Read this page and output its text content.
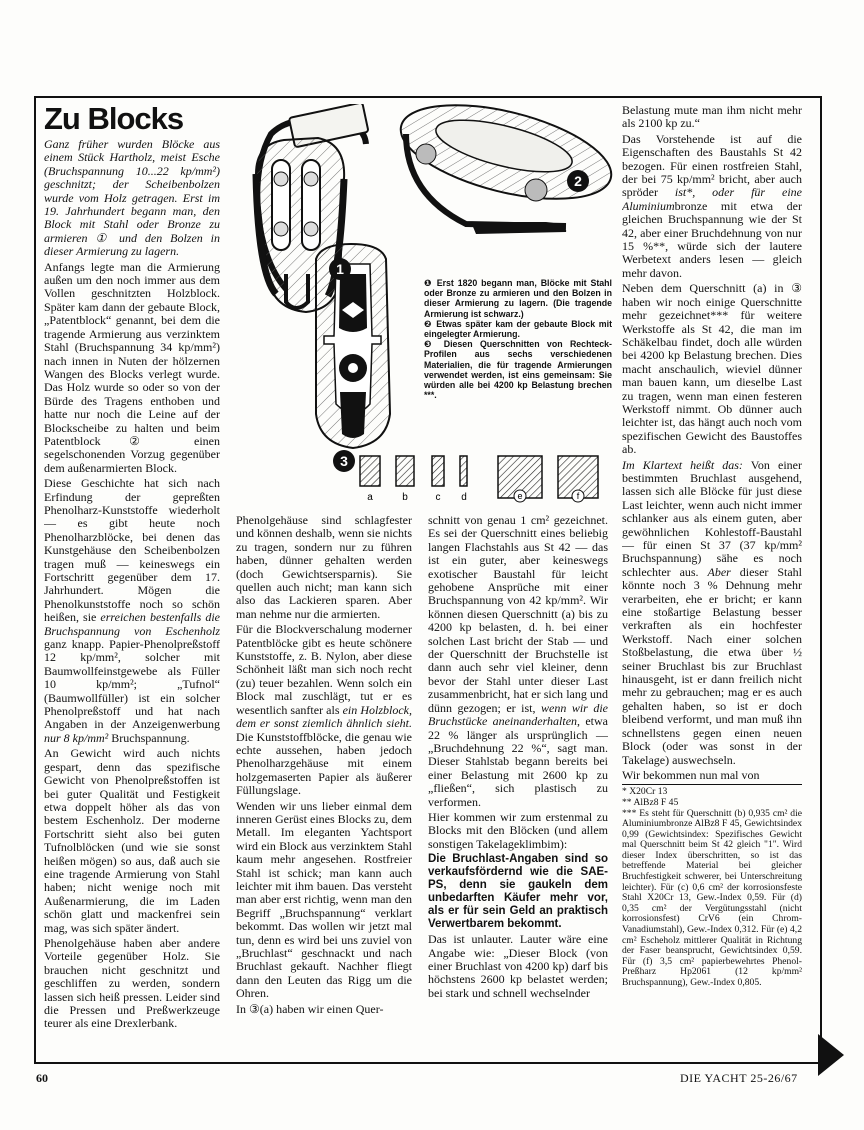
Zu Blocks

Ganz früher wurden Blöcke aus einem Stück Hartholz, meist Esche (Bruchspannung 10...22 kp/mm²) geschnitzt; der Scheibenbolzen wurde vom Holz getragen. Erst im 19. Jahrhundert begann man, den Block mit Stahl oder Bronze zu armieren ① und den Bolzen in dieser Armierung zu lagern.

Anfangs legte man die Armierung außen um den noch immer aus dem Vollen geschnitzten Holzblock. Später kam dann der gebaute Block, „Patentblock“ genannt, bei dem die tragende Armierung aus verzinktem Stahl (Bruchspannung 34 kp/mm²) nach innen in Nuten der hölzernen Wangen des Blocks verlegt wurde. Das Holz wurde so oder so von der Bürde des Tragens enthoben und hatte nur noch die Leine auf der Blockscheibe zu halten und beim Patentblock ② einen segelschonenden Vorzug gegenüber dem außenarmierten Block.

Diese Geschichte hat sich nach Erfindung der gepreßten Phenolharz-Kunststoffe wiederholt — es gibt heute noch Phenolharzblöcke, bei denen das Kunstgehäuse den Scheibenbolzen tragen muß — keineswegs ein Fortschritt gegenüber dem 17. Jahrhundert. Mögen die Phenolkunststoffe noch so schön heißen, sie erreichen bestenfalls die Bruchspannung von Eschenholz ganz knapp. Papier-Phenolpreßstoff 12 kp/mm², solcher mit Baumwollfeinstgewebe als Füller 10 kp/mm²; „Tufnol“ (Baumwollfüller) ist ein solcher Phenolpreßstoff und hat nach Angaben in der Anzeigenwerbung nur 8 kp/mm² Bruchspannung.

An Gewicht wird auch nichts gespart, denn das spezifische Gewicht von Phenolpreßstoffen ist bei guter Qualität und Festigkeit etwa doppelt höher als das von bestem Eschenholz. Der moderne Fortschritt sieht also bei guten Tufnolblöcken (und wie sie sonst heißen mögen) so aus, daß auch sie eine tragende Armierung von Stahl haben; nicht wenige noch mit Außenarmierung, die im Laden schön glatt und mackenfrei sein mag, was sich später ändert.

Phenolgehäuse haben aber andere Vorteile gegenüber Holz. Sie brauchen nicht geschnitzt und geschliffen zu werden, sondern lassen sich heiß pressen. Leider sind die Pressen und Preßwerkzeuge teurer als eine Drexlerbank.

a	b	c d	e	f
1
2
3

❶ Erst 1820 begann man, Blöcke mit Stahl oder Bronze zu armieren und den Bolzen in dieser Armierung zu lagern. (Die tragende Armierung ist schwarz.)

❷ Etwas später kam der gebaute Block mit eingelegter Armierung.

❸ Diesen Querschnitten von Rechteck-Profilen aus sechs verschiedenen Materialien, die für tragende Armierungen verwendet werden, ist eins gemeinsam: Sie würden alle bei 4200 kp Belastung brechen ***.

Phenolgehäuse sind schlagfester und können deshalb, wenn sie nichts zu tragen, sondern nur zu führen haben, dünner gehalten werden (doch Gewichtsersparnis). Sie quellen auch nicht; man kann sich also das Lackieren sparen. Aber man nehme nur die armierten.

Für die Blockverschalung moderner Patentblöcke gibt es heute schönere Kunststoffe, z. B. Nylon, aber diese Schönheit läßt man sich noch recht (zu) teuer bezahlen. Wenn solch ein Block mal zuschlägt, tut er es wesentlich sanfter als ein Holzblock, dem er sonst ziemlich ähnlich sieht. Die Kunststoffblöcke, die genau wie echte aussehen, haben jedoch Phenolharzgehäuse mit einem holzgemaserten Papier als äußerer Füllungslage.

Wenden wir uns lieber einmal dem inneren Gerüst eines Blocks zu, dem Metall. Im eleganten Yachtsport wird ein Block aus verzinktem Stahl kaum mehr angesehen. Rostfreier Stahl ist schick; man kann auch leichter mit ihm bauen. Das versteht man aber erst richtig, wenn man den Begriff „Bruchspannung“ verklart bekommt. Das wollen wir jetzt mal tun, denn es wird bei uns zuviel von „Bruchlast“ geschnackt und nach Bruchlast gekauft. Nachher fliegt dann den Leuten das Rigg um die Ohren.

In ③(a) haben wir einen Quer-

schnitt von genau 1 cm² gezeichnet. Es sei der Querschnitt eines beliebig langen Flachstahls aus St 42 — das ist ein guter, aber keineswegs exotischer Baustahl für leicht gehobene Ansprüche mit einer Bruchspannung von 42 kp/mm². Wir können diesen Querschnitt (a) bis zu 4200 kp belasten, d. h. bei einer solchen Last bricht der Stab — und der Querschnitt der Bruchstelle ist dann auch sehr viel kleiner, denn bevor der Stahl unter dieser Last zusammenbricht, hat er sich lang und dünn gezogen; er ist, wenn wir die Bruchstücke aneinanderhalten, etwa 22 % länger als ursprünglich — „Bruchdehnung 22 %“, sagt man. Dieser Stahlstab begann bereits bei einer Belastung mit 2600 kp zu „fließen“, sich plastisch zu verformen.

Hier kommen wir zum erstenmal zu Blocks mit den Blöcken (und allem sonstigen Takelageklimbim):

Die Bruchlast-Angaben sind so verkaufsfördernd wie die SAE-PS, denn sie gaukeln dem unbedarften Käufer mehr vor, als er für sein Geld an praktisch Verwertbarem bekommt.

Das ist unlauter. Lauter wäre eine Angabe wie: „Dieser Block (von einer Bruchlast von 4200 kp) darf bis höchstens 2600 kp belastet werden; bei stark und schnell wechselnder

Belastung mute man ihm nicht mehr als 2100 kp zu.“

Das Vorstehende ist auf die Eigenschaften des Baustahls St 42 bezogen. Für einen rostfreien Stahl, der bei 75 kp/mm² bricht, aber auch spröder ist*, oder für eine Aluminiumbronze mit etwa der gleichen Bruchspannung wie der St 42, aber einer Bruchdehnung von nur 15 %**, würde sich der lautere Werbetext anders lesen — gleich mehr davon.

Neben dem Querschnitt (a) in ③ haben wir noch einige Querschnitte mehr gezeichnet*** für weitere Werkstoffe als St 42, die man im Schäkelbau findet, doch alle würden bei 4200 kp Belastung brechen. Dies macht anschaulich, wieviel dünner man bauen kann, um dieselbe Last zu tragen, wenn man einen festeren Werkstoff nimmt. Ob dünner auch leichter ist, das hängt auch noch vom spezifischen Gewicht des Baustoffes ab.

Im Klartext heißt das: Von einer bestimmten Bruchlast ausgehend, lassen sich alle Blöcke für just diese Last leichter, wenn auch nicht immer schlanker aus als einem guten, aber gewöhnlichen Kohlestoff-Baustahl — für einen St 37 (37 kp/mm² Bruchspannung) sähe es noch schlechter aus. Aber dieser Stahl könnte noch 3 % Dehnung mehr verarbeiten, ehe er bricht; er kann eine stoßartige Belastung besser verkraften als ein hochfester Werkstoff. Nach einer solchen Stoßbelastung, die etwa über ½ seiner Bruchlast bis zur Bruchlast hinausgeht, ist er dann freilich nicht mehr zu gebrauchen; mag er es auch gehalten haben, so ist er doch bleibend verformt, und man muß ihn schnellstens gegen einen neuen Block (oder was sonst in der Takelage) auswechseln.

Wir bekommen nun mal von

* X20Cr 13

** AlBz8 F 45

*** Es steht für Querschnitt (b) 0,935 cm² die Aluminiumbronze AlBz8 F 45, Gewichtsindex 0,99 (Gewichtsindex: Spezifisches Gewicht mal Querschnitt beim St 42 gleich "1". Wird dieser Index überschritten, so ist das betreffende Material bei gleicher Bruchfestigkeit schwerer, bei Unterschreitung leichter). Für (c) 0,6 cm² der korrosionsfeste Stahl X20Cr 13, Gew.-Index 0,59. Für (d) 0,35 cm² der Vergütungsstahl (nicht korrosionsfest) CrV6 (ein Chrom-Vanadiumstahl), Gew.-Index 0,312. Für (e) 4,2 cm² Escheholz mittlerer Qualität in Richtung der Faser beansprucht, Gewichtsindex 0,59. Für (f) 3,5 cm² papierbewehrtes Phenol-Preßharz Hp2061 (12 kp/mm² Bruchspannung), Gew.-Index 0,805.

60	DIE YACHT 25-26/67
